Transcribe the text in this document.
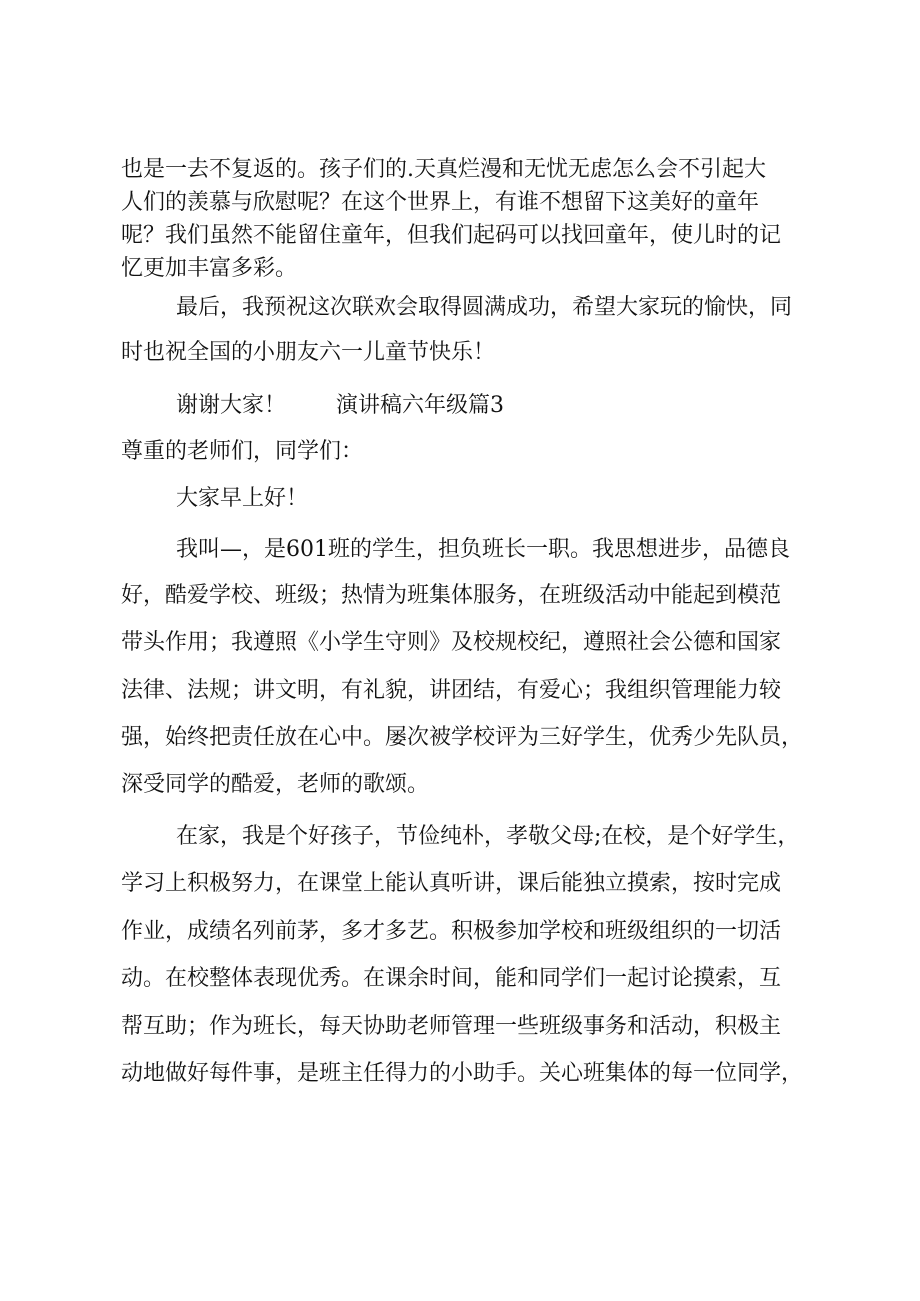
也是一去不复返的。孩子们的.天真烂漫和无忧无虑怎么会不引起大
人们的羡慕与欣慰呢？在这个世界上，有谁不想留下这美好的童年
呢？我们虽然不能留住童年，但我们起码可以找回童年，使儿时的记
忆更加丰富多彩。
最后，我预祝这次联欢会取得圆满成功，希望大家玩的愉快，同
时也祝全国的小朋友六一儿童节快乐！
谢谢大家！ 演讲稿六年级篇3
尊重的老师们，同学们：
大家早上好！
我叫—，是601班的学生，担负班长一职。我思想进步，品德良
好，酷爱学校、班级；热情为班集体服务，在班级活动中能起到模范
带头作用；我遵照《小学生守则》及校规校纪，遵照社会公德和国家
法律、法规；讲文明，有礼貌，讲团结，有爱心；我组织管理能力较
强，始终把责任放在心中。屡次被学校评为三好学生，优秀少先队员，
深受同学的酷爱，老师的歌颂。
在家，我是个好孩子，节俭纯朴，孝敬父母;在校，是个好学生，
学习上积极努力，在课堂上能认真听讲，课后能独立摸索，按时完成
作业，成绩名列前茅，多才多艺。积极参加学校和班级组织的一切活
动。在校整体表现优秀。在课余时间，能和同学们一起讨论摸索，互
帮互助；作为班长，每天协助老师管理一些班级事务和活动，积极主
动地做好每件事，是班主任得力的小助手。关心班集体的每一位同学，
